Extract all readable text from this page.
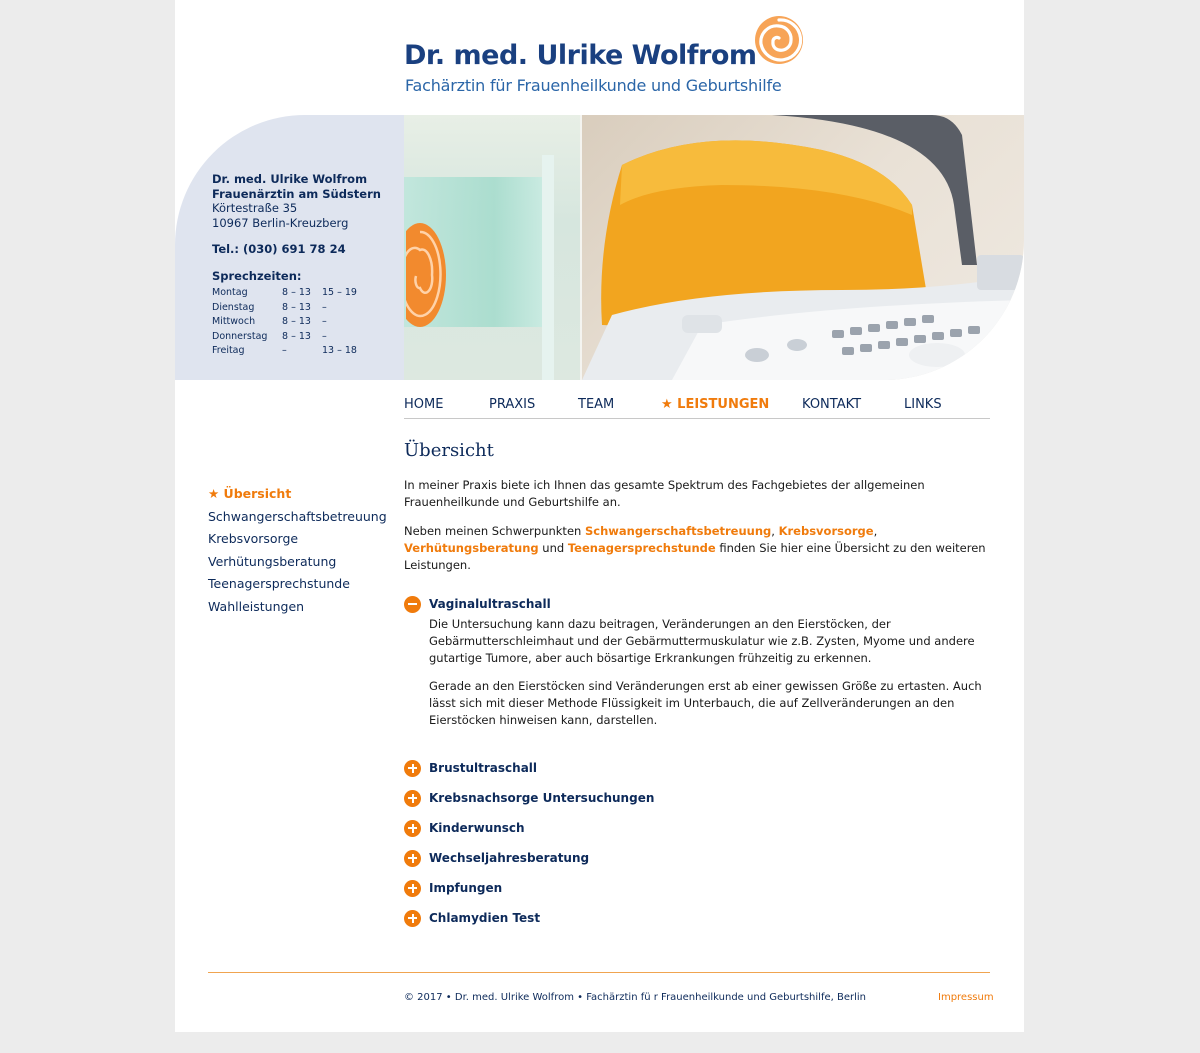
Dr. med. Ulrike Wolfrom
Fachärztin für Frauenheilkunde und Geburtshilfe
Dr. med. Ulrike Wolfrom
Frauenärztin am Südstern
Körtestraße 35
10967 Berlin-Kreuzberg
Tel.: (030) 691 78 24
Sprechzeiten:
Montag	8 – 13	15 – 19
Dienstag	8 – 13	–
Mittwoch	8 – 13	–
Donnerstag	8 – 13	–
Freitag	–	13 – 18
HOME	PRAXIS	TEAM	★ LEISTUNGEN	KONTAKT	LINKS
★ Übersicht
Schwangerschaftsbetreuung
Krebsvorsorge
Verhütungsberatung
Teenagersprechstunde
Wahlleistungen
Übersicht

In meiner Praxis biete ich Ihnen das gesamte Spektrum des Fachgebietes der allgemeinen Frauenheilkunde und Geburtshilfe an.

Neben meinen Schwerpunkten Schwangerschaftsbetreuung, Krebsvorsorge, Verhütungsberatung und Teenagersprechstunde finden Sie hier eine Übersicht zu den weiteren Leistungen.

Vaginalultraschall

Die Untersuchung kann dazu beitragen, Veränderungen an den Eierstöcken, der Gebärmutterschleimhaut und der Gebärmuttermuskulatur wie z.B. Zysten, Myome und andere gutartige Tumore, aber auch bösartige Erkrankungen frühzeitig zu erkennen.

Gerade an den Eierstöcken sind Veränderungen erst ab einer gewissen Größe zu ertasten. Auch lässt sich mit dieser Methode Flüssigkeit im Unterbauch, die auf Zellveränderungen an den Eierstöcken hinweisen kann, darstellen.

Brustultraschall
Krebsnachsorge Untersuchungen
Kinderwunsch
Wechseljahresberatung
Impfungen
Chlamydien Test
© 2017 • Dr. med. Ulrike Wolfrom • Fachärztin fü r Frauenheilkunde und Geburtshilfe, Berlin	Impressum
